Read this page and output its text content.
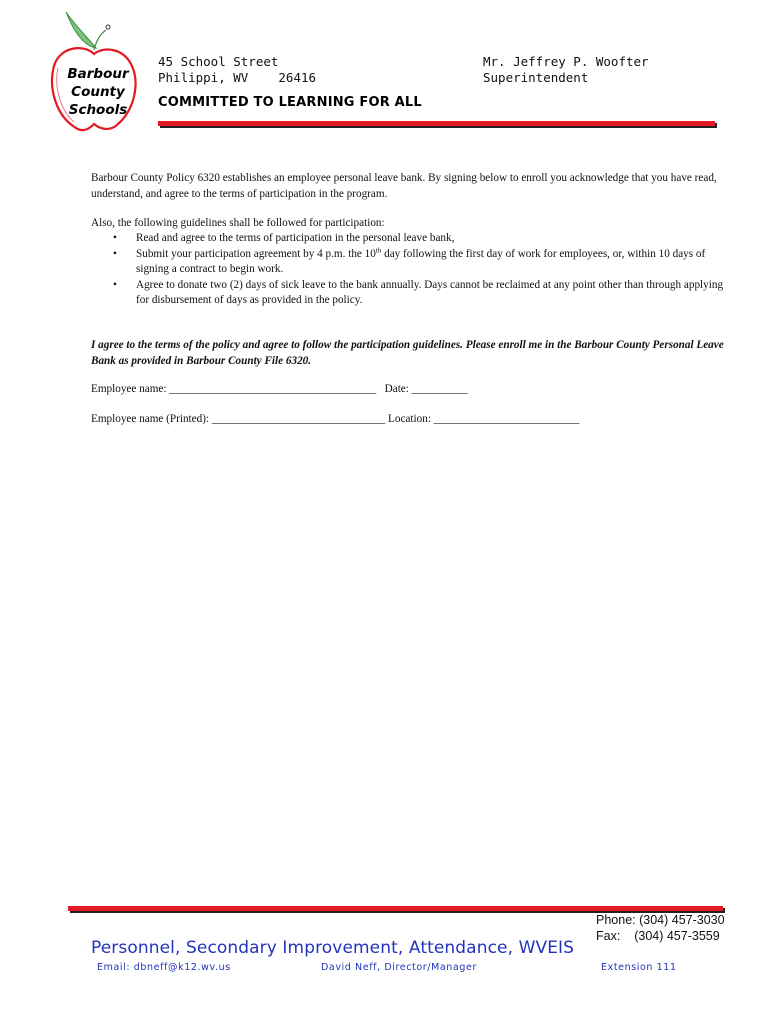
Barbour
County
Schools
45 School Street
Philippi, WV    26416
Mr. Jeffrey P. Woofter
Superintendent
COMMITTED TO LEARNING FOR ALL
Barbour County Policy 6320 establishes an employee personal leave bank. By signing below to enroll you acknowledge that you have read, understand, and agree to the terms of participation in the program.
Also, the following guidelines shall be followed for participation:
• Read and agree to the terms of participation in the personal leave bank,
• Submit your participation agreement by 4 p.m. the 10th day following the first day of work for employees, or, within 10 days of signing a contract to begin work.
• Agree to donate two (2) days of sick leave to the bank annually. Days cannot be reclaimed at any point other than through applying for disbursement of days as provided in the policy.
I agree to the terms of the policy and agree to follow the participation guidelines. Please enroll me in the Barbour County Personal Leave Bank as provided in Barbour County File 6320.
Employee name: _____________________________________   Date: __________
Employee name (Printed): _______________________________ Location: __________________________
Phone: (304) 457-3030
Fax:    (304) 457-3559
Personnel, Secondary Improvement, Attendance, WVEIS
Email: dbneff@k12.wv.us	David Neff, Director/Manager	Extension 111
